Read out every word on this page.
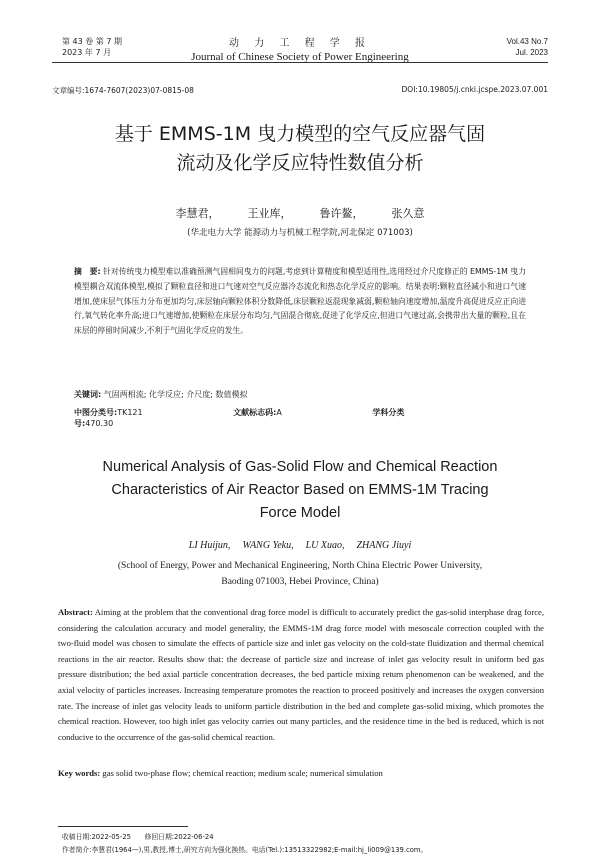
第 43 卷 第 7 期
2023 年 7 月
动 力 工 程 学 报
Journal of Chinese Society of Power Engineering
Vol.43 No.7
Jul. 2023
文章编号:1674-7607(2023)07-0815-08	DOI:10.19805/j.cnki.jcspe.2023.07.001
基于 EMMS-1M 曳力模型的空气反应器气固
流动及化学反应特性数值分析
李慧君，	王业库，	鲁许鳌，	张久意
(华北电力大学 能源动力与机械工程学院,河北保定 071003)
摘　要: 针对传统曳力模型难以准确预测气固相间曳力的问题,考虑到计算精度和模型适用性,选用经过介尺度修正的 EMMS-1M 曳力模型耦合双流体模型,模拟了颗粒直径和进口气速对空气反应器冷态流化和热态化学反应的影响。结果表明:颗粒直径减小和进口气速增加,使床层气体压力分布更加均匀,床层轴向颗粒体积分数降低,床层颗粒返混现象减弱,颗粒轴向速度增加,温度升高促进反应正向进行,氧气转化率升高;进口气速增加,使颗粒在床层分布均匀,气固混合彻底,促进了化学反应,但进口气速过高,会携带出大量的颗粒,且在床层的停留时间减少,不利于气固化学反应的发生。
关键词: 气固两相流; 化学反应; 介尺度; 数值模拟
中图分类号:TK121	文献标志码:A	学科分类号:470.30
Numerical Analysis of Gas-Solid Flow and Chemical Reaction
Characteristics of Air Reactor Based on EMMS-1M Tracing
Force Model
LI Huijun, WANG Yeku, LU Xuao, ZHANG Jiuyi
(School of Energy, Power and Mechanical Engineering, North China Electric Power University,
Baoding 071003, Hebei Province, China)
Abstract: Aiming at the problem that the conventional drag force model is difficult to accurately predict the gas-solid interphase drag force, considering the calculation accuracy and model generality, the EMMS-1M drag force model with mesoscale correction coupled with the two-fluid model was chosen to simulate the effects of particle size and inlet gas velocity on the cold-state fluidization and thermal chemical reactions in the air reactor. Results show that: the decrease of particle size and increase of inlet gas velocity result in uniform bed gas pressure distribution; the bed axial particle concentration decreases, the bed particle mixing return phenomenon can be weakened, and the axial velocity of particles increases. Increasing temperature promotes the reaction to proceed positively and increases the oxygen conversion rate. The increase of inlet gas velocity leads to uniform particle distribution in the bed and complete gas-solid mixing, which promotes the chemical reaction. However, too high inlet gas velocity carries out many particles, and the residence time in the bed is reduced, which is not conducive to the occurrence of the gas-solid chemical reaction.
Key words: gas solid two-phase flow; chemical reaction; medium scale; numerical simulation
收稿日期:2022-05-25　　修回日期:2022-06-24
作者简介:李慧君(1964—),男,教授,博士,研究方向为强化换热。电话(Tel.):13513322982;E-mail:hj_li009@139.com。
